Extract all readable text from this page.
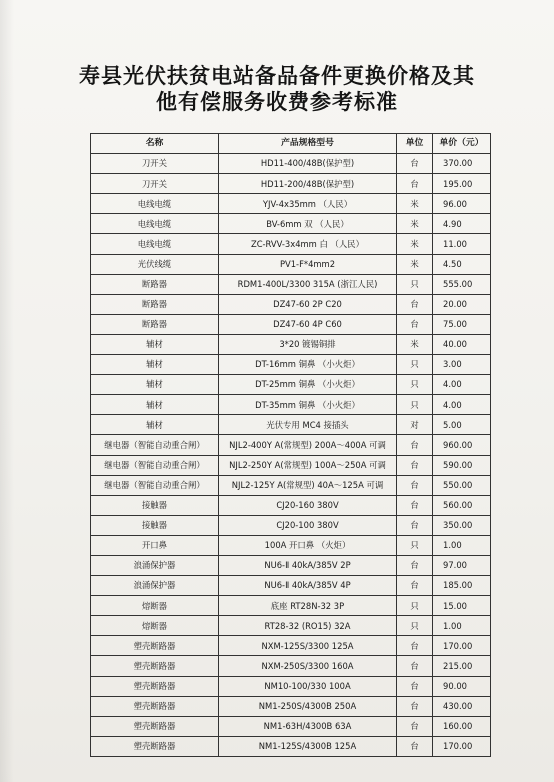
寿县光伏扶贫电站备品备件更换价格及其
他有偿服务收费参考标准
名称	产品规格型号	单位	单价（元）
刀开关	HD11-400/48B(保护型)	台	370.00
刀开关	HD11-200/48B(保护型)	台	195.00
电线电缆	YJV-4x35mm （人民）	米	96.00
电线电缆	BV-6mm 双 （人民）	米	4.90
电线电缆	ZC-RVV-3x4mm 白 （人民）	米	11.00
光伏线缆	PV1-F*4mm2	米	4.50
断路器	RDM1-400L/3300 315A (浙江人民)	只	555.00
断路器	DZ47-60 2P C20	台	20.00
断路器	DZ47-60 4P C60	台	75.00
辅材	3*20 镀锡铜排	米	40.00
辅材	DT-16mm 铜鼻 （小火炬）	只	3.00
辅材	DT-25mm 铜鼻 （小火炬）	只	4.00
辅材	DT-35mm 铜鼻 （小火炬）	只	4.00
辅材	光伏专用 MC4 接插头	对	5.00
继电器（智能自动重合闸）	NJL2-400Y A(常规型) 200A～400A 可调	台	960.00
继电器（智能自动重合闸）	NJL2-250Y A(常规型) 100A～250A 可调	台	590.00
继电器（智能自动重合闸）	NJL2-125Y A(常规型) 40A～125A 可调	台	550.00
接触器	CJ20-160 380V	台	560.00
接触器	CJ20-100 380V	台	350.00
开口鼻	100A 开口鼻 （火炬）	只	1.00
浪涌保护器	NU6-Ⅱ 40kA/385V 2P	台	97.00
浪涌保护器	NU6-Ⅱ 40kA/385V 4P	台	185.00
熔断器	底座 RT28N-32 3P	只	15.00
熔断器	RT28-32 (RO15) 32A	只	1.00
塑壳断路器	NXM-125S/3300 125A	台	170.00
塑壳断路器	NXM-250S/3300 160A	台	215.00
塑壳断路器	NM10-100/330 100A	台	90.00
塑壳断路器	NM1-250S/4300B 250A	台	430.00
塑壳断路器	NM1-63H/4300B 63A	台	160.00
塑壳断路器	NM1-125S/4300B 125A	台	170.00
